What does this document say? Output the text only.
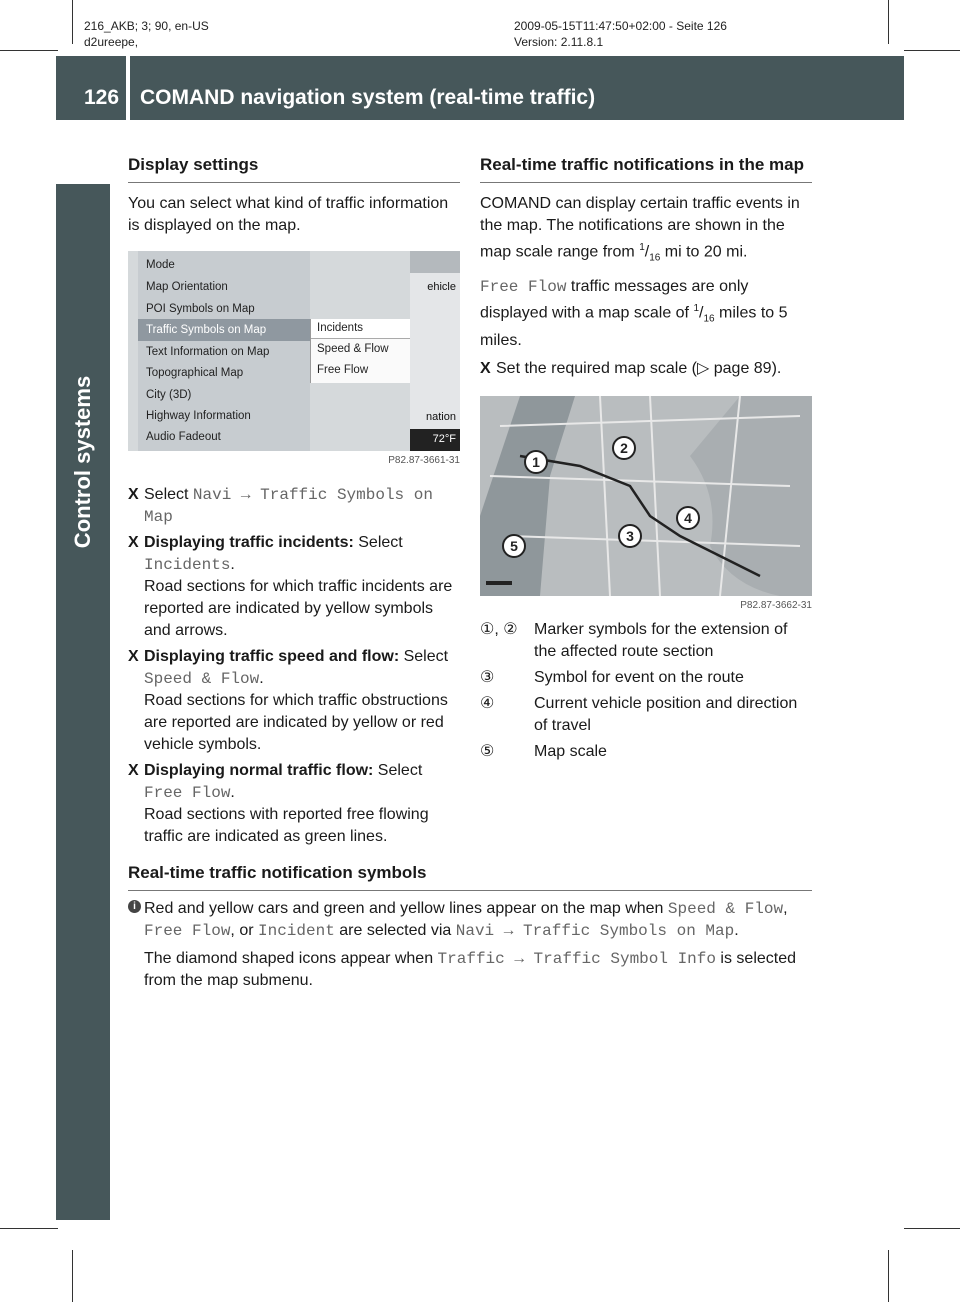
216_AKB; 3; 90, en-US
d2ureepe,
2009-05-15T11:47:50+02:00 - Seite 126
Version: 2.11.8.1
126 COMAND navigation system (real-time traffic)
Control systems
Display settings
You can select what kind of traffic information is displayed on the map.
Mode
Map Orientation
POI Symbols on Map
Traffic Symbols on Map
Text Information on Map
Topographical Map
City (3D)
Highway Information
Audio Fadeout
Incidents
Speed & Flow
Free Flow
ehicle
nation
72°F
P82.87-3661-31
X Select Navi → Traffic Symbols on Map
X Displaying traffic incidents: Select Incidents.
Road sections for which traffic incidents are reported are indicated by yellow symbols and arrows.
X Displaying traffic speed and flow: Select Speed & Flow.
Road sections for which traffic obstructions are reported are indicated by yellow or red vehicle symbols.
X Displaying normal traffic flow: Select Free Flow.
Road sections with reported free flowing traffic are indicated as green lines.
Real-time traffic notifications in the map
COMAND can display certain traffic events in the map. The notifications are shown in the map scale range from $^1/_{16}$ mi to 20 mi.
Free Flow traffic messages are only displayed with a map scale of $^1/_{16}$ miles to 5 miles.
X Set the required map scale (▷ page 89).
1
2
3
4
5
P82.87-3662-31
①, ② Marker symbols for the extension of the affected route section
③ Symbol for event on the route
④ Current vehicle position and direction of travel
⑤ Map scale
Real-time traffic notification symbols
i Red and yellow cars and green and yellow lines appear on the map when Speed & Flow, Free Flow, or Incident are selected via Navi → Traffic Symbols on Map.
The diamond shaped icons appear when Traffic → Traffic Symbol Info is selected from the map submenu.
